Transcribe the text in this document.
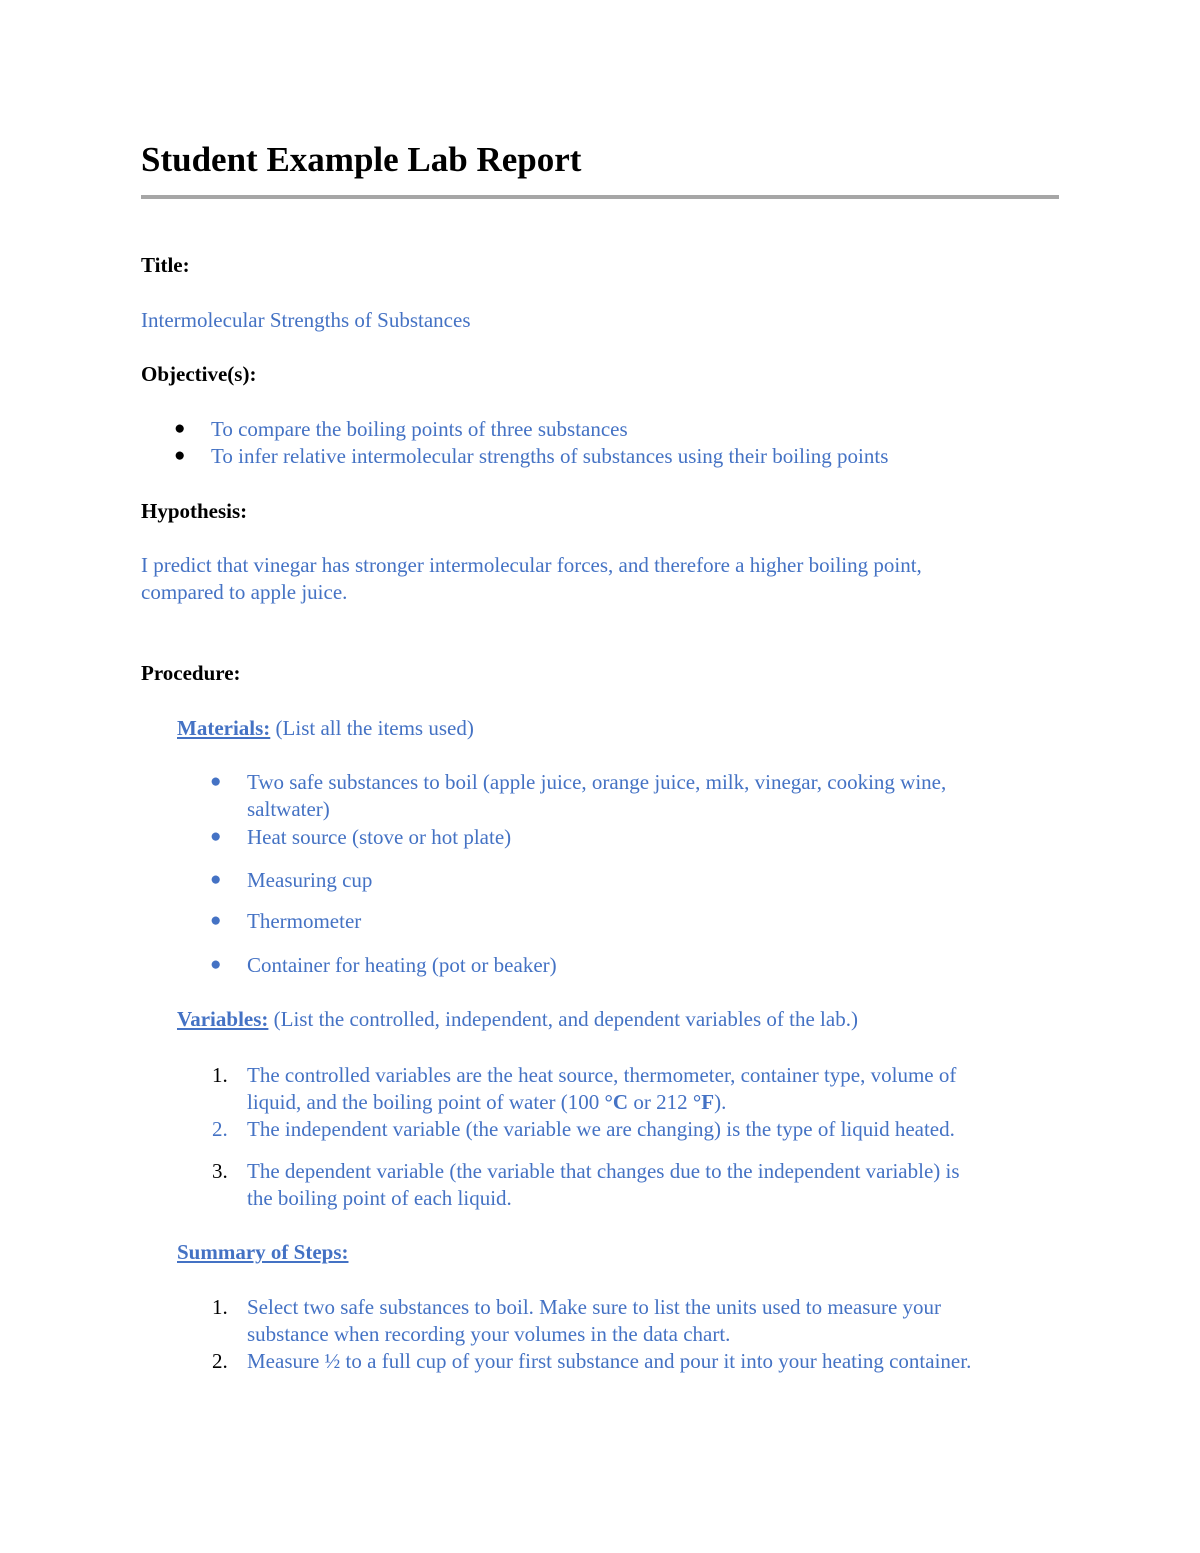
Student Example Lab Report
Title:
Intermolecular Strengths of Substances
Objective(s):
● To compare the boiling points of three substances
● To infer relative intermolecular strengths of substances using their boiling points
Hypothesis:
I predict that vinegar has stronger intermolecular forces, and therefore a higher boiling point,
compared to apple juice.
Procedure:
Materials: (List all the items used)
● Two safe substances to boil (apple juice, orange juice, milk, vinegar, cooking wine,
saltwater)
● Heat source (stove or hot plate)
● Measuring cup
● Thermometer
● Container for heating (pot or beaker)
Variables: (List the controlled, independent, and dependent variables of the lab.)
1. The controlled variables are the heat source, thermometer, container type, volume of
liquid, and the boiling point of water (100 °C or 212 °F).
2. The independent variable (the variable we are changing) is the type of liquid heated.
3. The dependent variable (the variable that changes due to the independent variable) is
the boiling point of each liquid.
Summary of Steps:
1. Select two safe substances to boil. Make sure to list the units used to measure your
substance when recording your volumes in the data chart.
2. Measure ½ to a full cup of your first substance and pour it into your heating container.
